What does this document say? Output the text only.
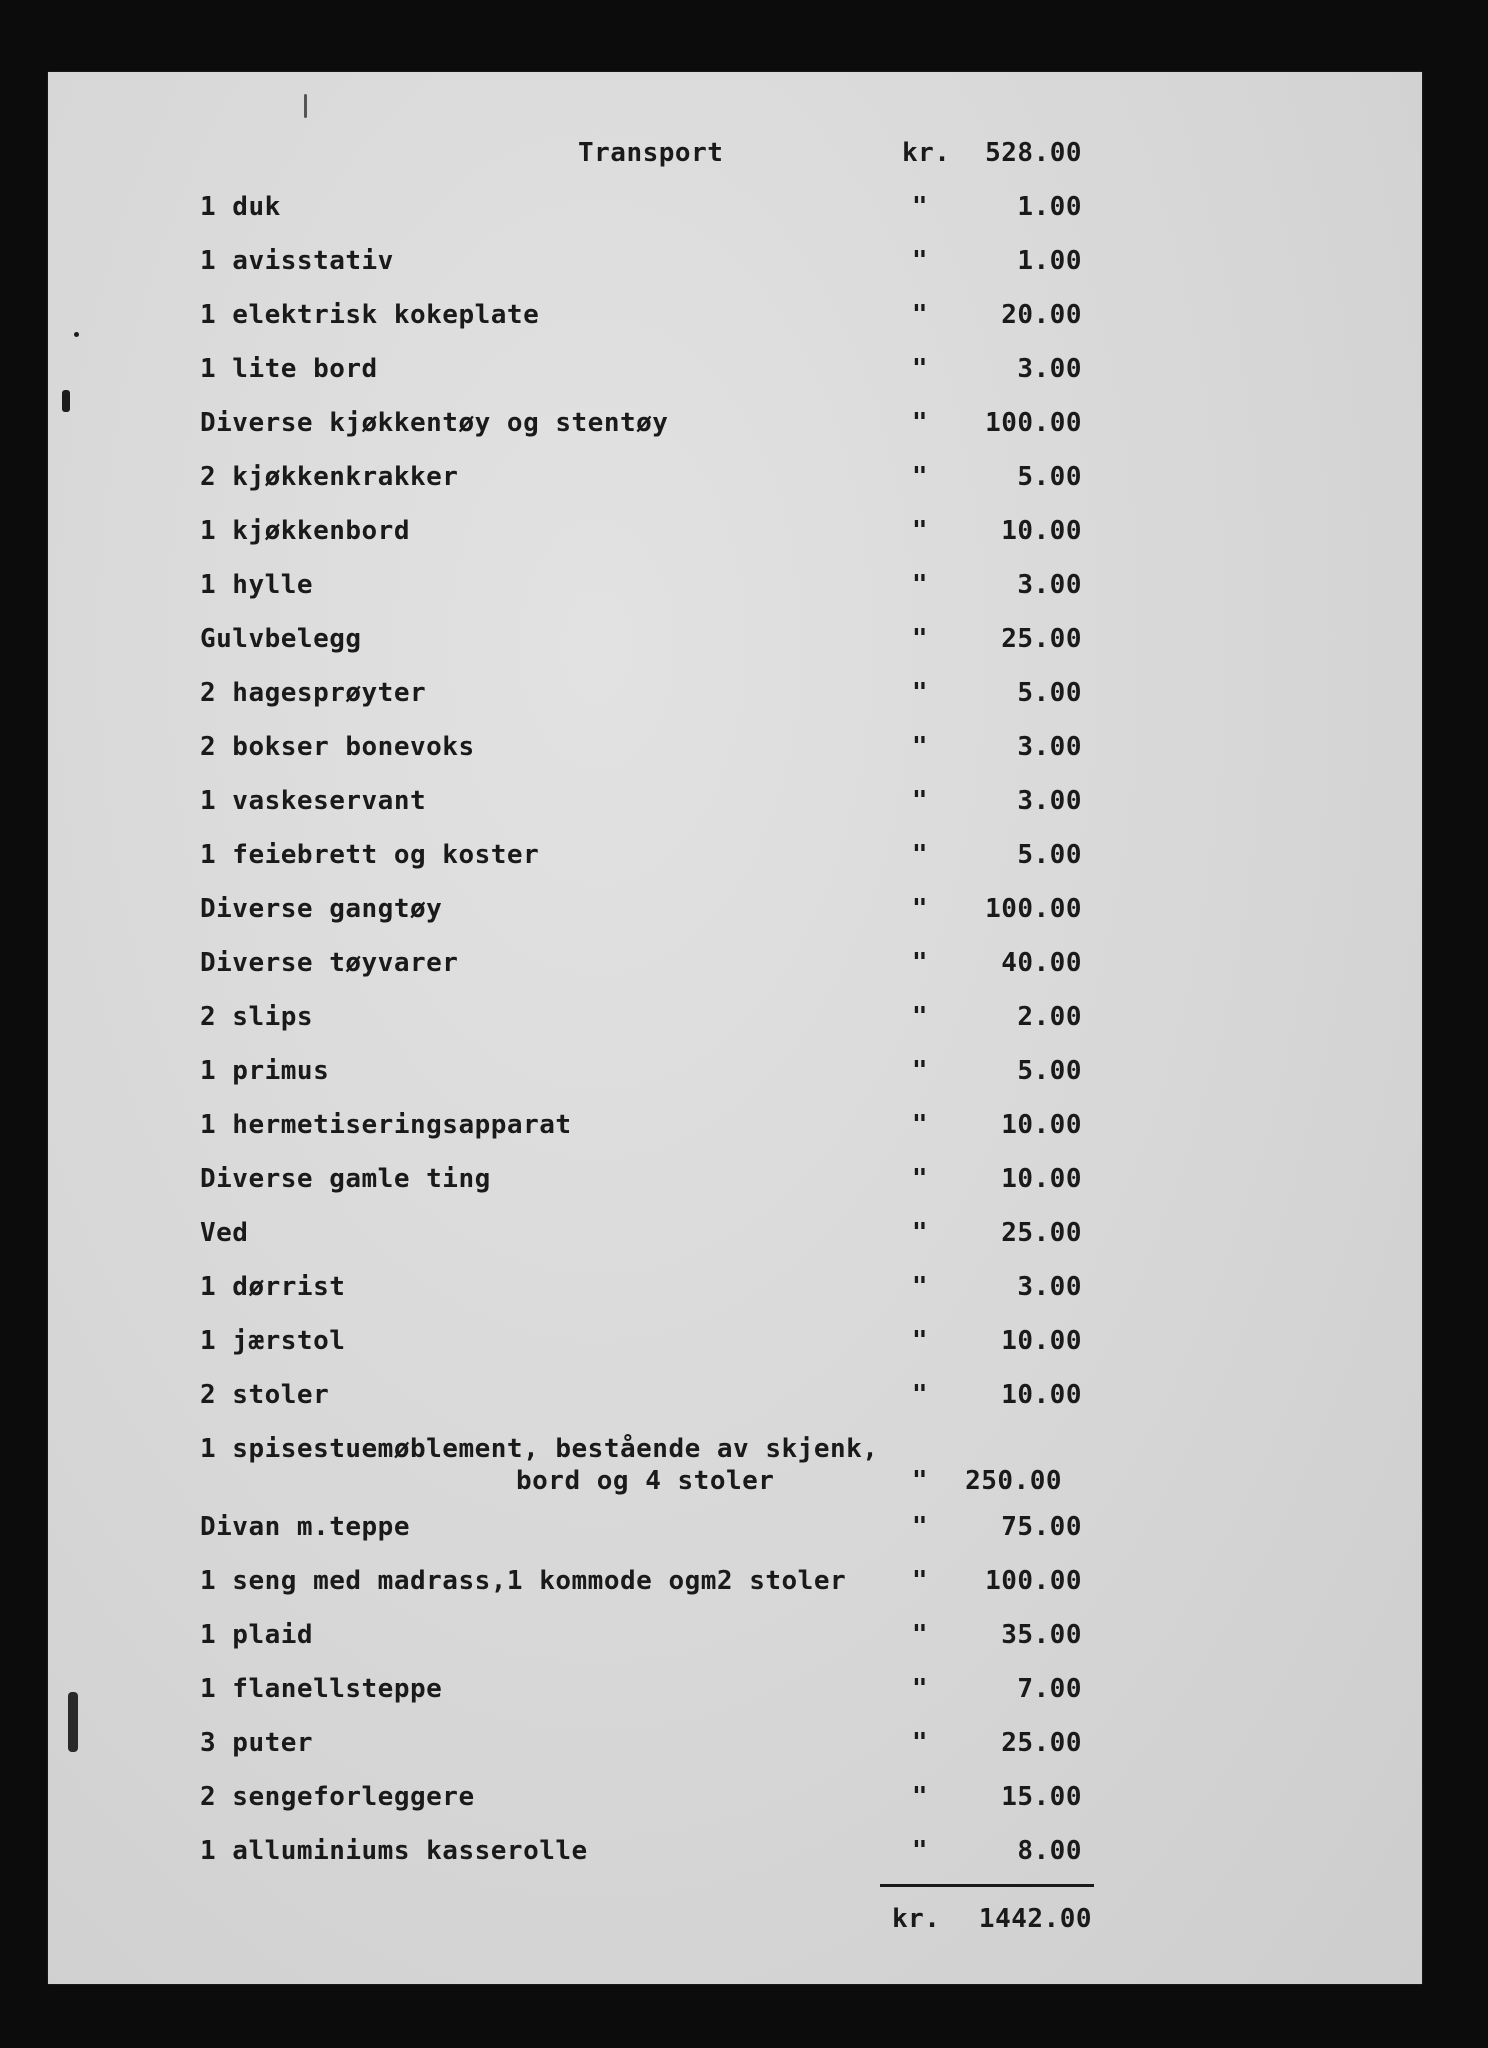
Transport	kr. 528.00
1 duk	"	1.00
1 avisstativ	"	1.00
1 elektrisk kokeplate	"	20.00
1 lite bord	"	3.00
Diverse kjøkkentøy og stentøy	" 100.00
2 kjøkkenkrakker	"	5.00
1 kjøkkenbord	"	10.00
1 hylle	"	3.00
Gulvbelegg	"	25.00
2 hagesprøyter	"	5.00
2 bokser bonevoks	"	3.00
1 vaskeservant	"	3.00
1 feiebrett og koster	"	5.00
Diverse gangtøy	" 100.00
Diverse tøyvarer	"	40.00
2 slips	"	2.00
1 primus	"	5.00
1 hermetiseringsapparat	"	10.00
Diverse gamle ting	"	10.00
Ved	"	25.00
1 dørrist	"	3.00
1 jærstol	"	10.00
2 stoler	"	10.00
1 spisestuemøblement, bestående av skjenk,
bord og 4 stoler	" 250.00
Divan m.teppe	"	75.00
1 seng med madrass,1 kommode ogm2 stoler	" 100.00
1 plaid	"	35.00
1 flanellsteppe	"	7.00
3 puter	"	25.00
2 sengeforleggere	"	15.00
1 alluminiums kasserolle	"	8.00
kr. 1442.00
